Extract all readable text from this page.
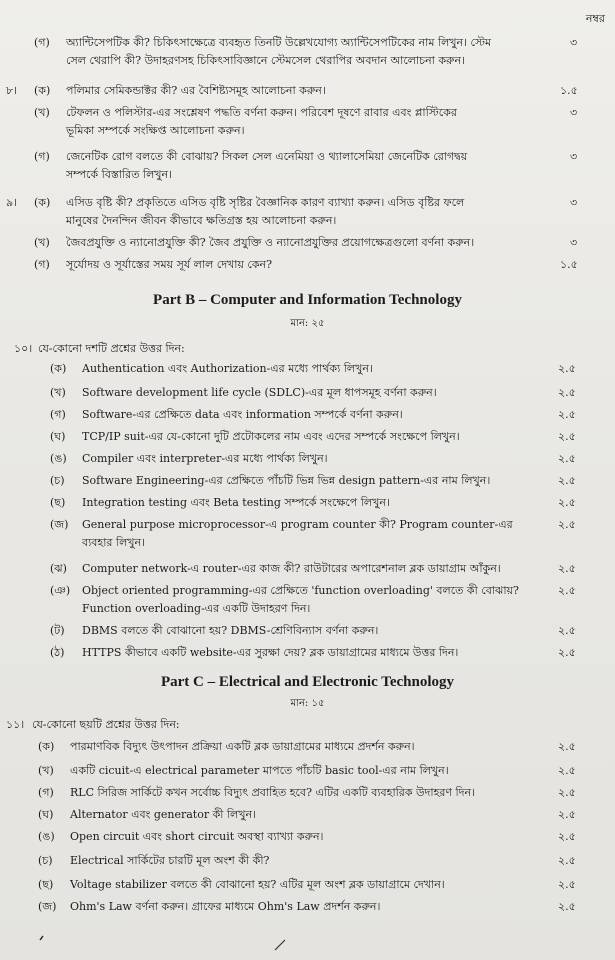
নম্বর
(গ) অ্যান্টিসেপটিক কী? চিকিৎসাক্ষেত্রে ব্যবহৃত তিনটি উল্লেখযোগ্য অ্যান্টিসেপটিকের নাম লিখুন। স্টেম	৩
সেল থেরাপি কী? উদাহরণসহ চিকিৎসাবিজ্ঞানে স্টেমসেল থেরাপির অবদান আলোচনা করুন।
৮। (ক) পলিমার সেমিকন্ডাক্টর কী? এর বৈশিষ্ট্যসমূহ আলোচনা করুন।	১.৫
(খ) টেফলন ও পলিস্টার-এর সংশ্লেষণ পদ্ধতি বর্ণনা করুন। পরিবেশ দূষণে রাবার এবং প্লাস্টিকের	৩
ভূমিকা সম্পর্কে সংক্ষিপ্ত আলোচনা করুন।
(গ) জেনেটিক রোগ বলতে কী বোঝায়? সিকল সেল এনেমিয়া ও থ্যালাসেমিয়া জেনেটিক রোগদ্বয়	৩
সম্পর্কে বিস্তারিত লিখুন।
৯। (ক) এসিড বৃষ্টি কী? প্রকৃতিতে এসিড বৃষ্টি সৃষ্টির বৈজ্ঞানিক কারণ ব্যাখ্যা করুন। এসিড বৃষ্টির ফলে	৩
মানুষের দৈনন্দিন জীবন কীভাবে ক্ষতিগ্রস্ত হয় আলোচনা করুন।
(খ) জৈবপ্রযুক্তি ও ন্যানোপ্রযুক্তি কী? জৈব প্রযুক্তি ও ন্যানোপ্রযুক্তির প্রয়োগক্ষেত্রগুলো বর্ণনা করুন।	৩
(গ) সূর্যোদয় ও সূর্যাস্তের সময় সূর্য লাল দেখায় কেন?	১.৫
Part B – Computer and Information Technology
মান: ২৫
১০। যে-কোনো দশটি প্রশ্নের উত্তর দিন:
(ক) Authentication এবং Authorization-এর মধ্যে পার্থক্য লিখুন।	২.৫
(খ) Software development life cycle (SDLC)-এর মূল ধাপসমূহ বর্ণনা করুন।	২.৫
(গ) Software-এর প্রেক্ষিতে data এবং information সম্পর্কে বর্ণনা করুন।	২.৫
(ঘ) TCP/IP suit-এর যে-কোনো দুটি প্রটোকলের নাম এবং এদের সম্পর্কে সংক্ষেপে লিখুন।	২.৫
(ঙ) Compiler এবং interpreter-এর মধ্যে পার্থক্য লিখুন।	২.৫
(চ) Software Engineering-এর প্রেক্ষিতে পাঁচটি ভিন্ন ভিন্ন design pattern-এর নাম লিখুন।	২.৫
(ছ) Integration testing এবং Beta testing সম্পর্কে সংক্ষেপে লিখুন।	২.৫
(জ) General purpose microprocessor-এ program counter কী? Program counter-এর	২.৫
ব্যবহার লিখুন।
(ঝ) Computer network-এ router-এর কাজ কী? রাউটারের অপারেশনাল ব্লক ডায়াগ্রাম আঁকুন।	২.৫
(ঞ) Object oriented programming-এর প্রেক্ষিতে 'function overloading' বলতে কী বোঝায়?	২.৫
Function overloading-এর একটি উদাহরণ দিন।
(ট) DBMS বলতে কী বোঝানো হয়? DBMS-শ্রেণিবিন্যাস বর্ণনা করুন।	২.৫
(ঠ) HTTPS কীভাবে একটি website-এর সুরক্ষা দেয়? ব্লক ডায়াগ্রামের মাধ্যমে উত্তর দিন।	২.৫
Part C – Electrical and Electronic Technology
মান: ১৫
১১। যে-কোনো ছয়টি প্রশ্নের উত্তর দিন:
(ক) পারমাণবিক বিদ্যুৎ উৎপাদন প্রক্রিয়া একটি ব্লক ডায়াগ্রামের মাধ্যমে প্রদর্শন করুন।	২.৫
(খ) একটি cicuit-এ electrical parameter মাপতে পাঁচটি basic tool-এর নাম লিখুন।	২.৫
(গ) RLC সিরিজ সার্কিটে কখন সর্বোচ্চ বিদ্যুৎ প্রবাহিত হবে? এটির একটি ব্যবহারিক উদাহরণ দিন।	২.৫
(ঘ) Alternator এবং generator কী লিখুন।	২.৫
(ঙ) Open circuit এবং short circuit অবস্থা ব্যাখ্যা করুন।	২.৫
(চ) Electrical সার্কিটের চারটি মূল অংশ কী কী?	২.৫
(ছ) Voltage stabilizer বলতে কী বোঝানো হয়? এটির মূল অংশ ব্লক ডায়াগ্রামে দেখান।	২.৫
(জ) Ohm's Law বর্ণনা করুন। গ্রাফের মাধ্যমে Ohm's Law প্রদর্শন করুন।	২.৫
